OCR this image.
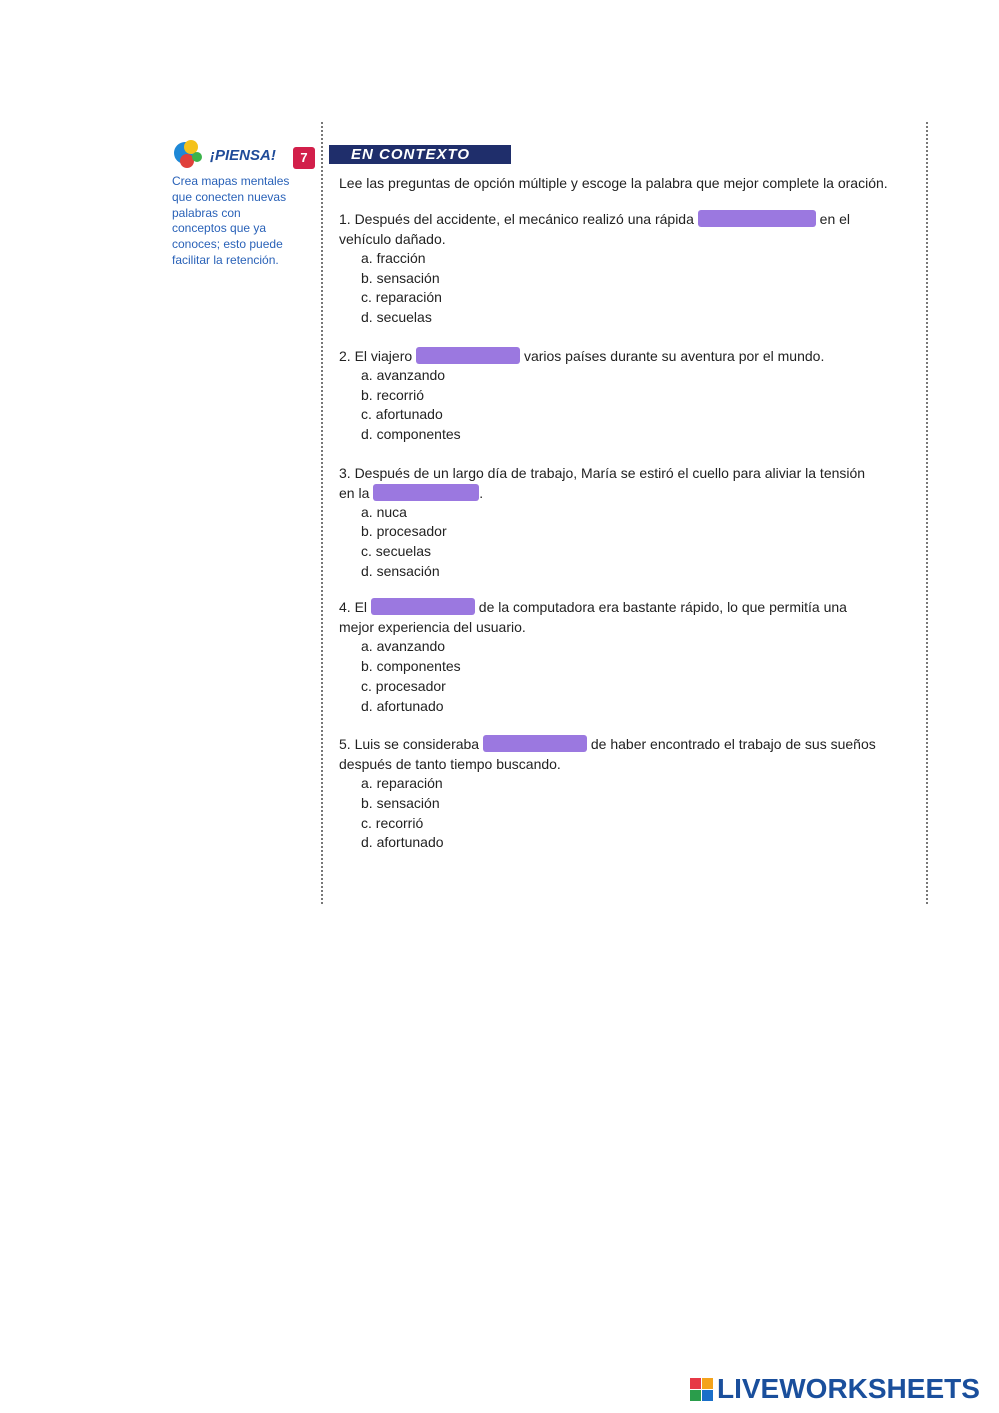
¡PIENSA!
Crea mapas mentales que conecten nuevas palabras con conceptos que ya conoces; esto puede facilitar la retención.
7	EN CONTEXTO

Lee las preguntas de opción múltiple y escoge la palabra que mejor complete la oración.

1. Después del accidente, el mecánico realizó una rápida	en el vehículo dañado.
a. fracción
b. sensación
c. reparación
d. secuelas
2. El viajero	varios países durante su aventura por el mundo.
a. avanzando
b. recorrió
c. afortunado
d. componentes
3. Después de un largo día de trabajo, María se estiró el cuello para aliviar la tensión en la	.
a. nuca
b. procesador
c. secuelas
d. sensación
4. El	de la computadora era bastante rápido, lo que permitía una mejor experiencia del usuario.
a. avanzando
b. componentes
c. procesador
d. afortunado
5. Luis se consideraba	de haber encontrado el trabajo de sus sueños después de tanto tiempo buscando.
a. reparación
b. sensación
c. recorrió
d. afortunado
LIVEWORKSHEETS
